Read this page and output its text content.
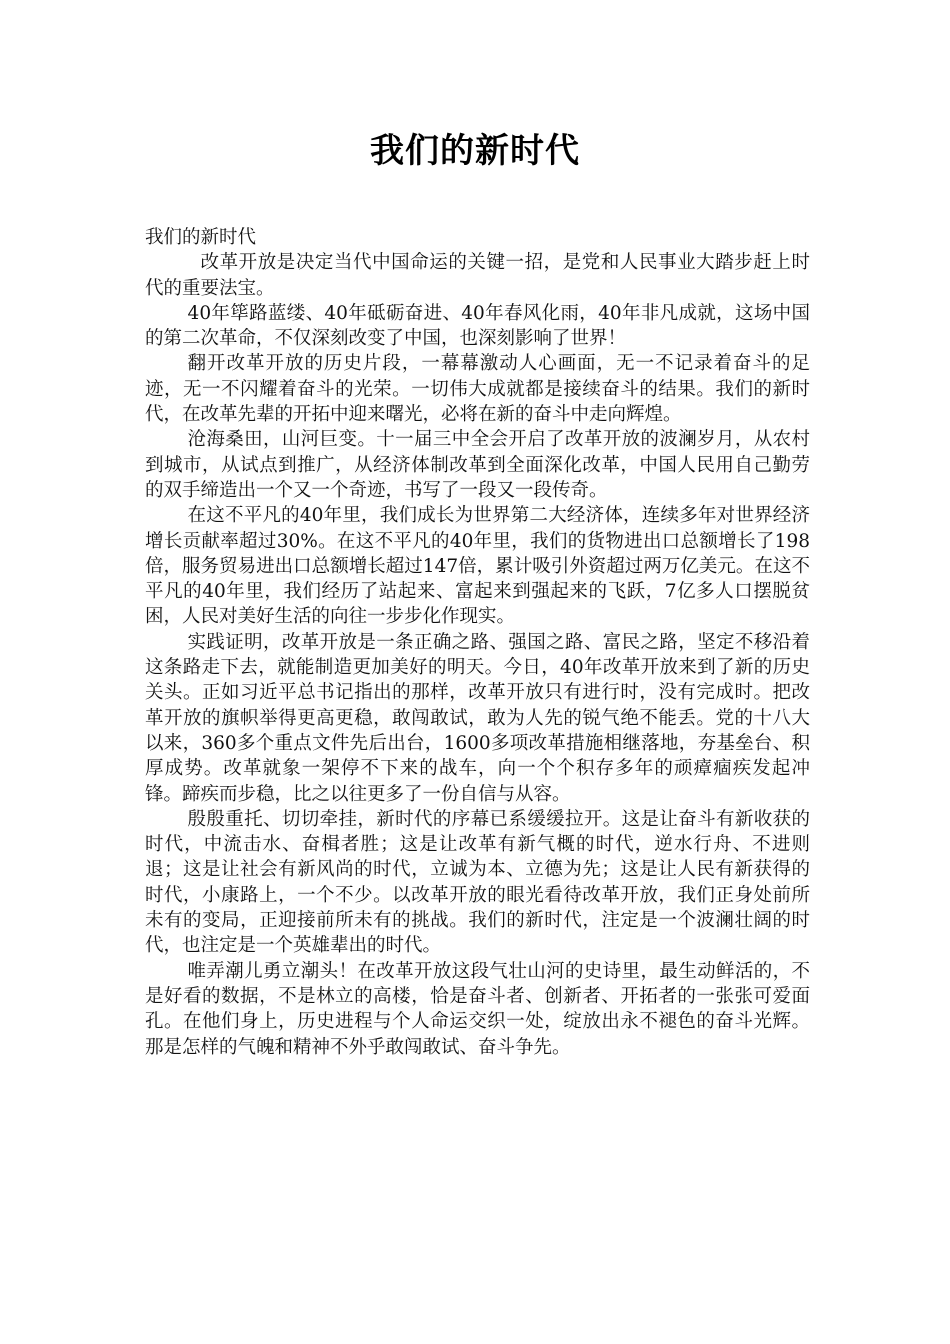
我们的新时代

我们的新时代

改革开放是决定当代中国命运的关键一招，是党和人民事业大踏步赶上时代的重要法宝。

40年筚路蓝缕、40年砥砺奋进、40年春风化雨，40年非凡成就，这场中国的第二次革命，不仅深刻改变了中国，也深刻影响了世界！

翻开改革开放的历史片段，一幕幕激动人心画面，无一不记录着奋斗的足迹，无一不闪耀着奋斗的光荣。一切伟大成就都是接续奋斗的结果。我们的新时代，在改革先辈的开拓中迎来曙光，必将在新的奋斗中走向辉煌。

沧海桑田，山河巨变。十一届三中全会开启了改革开放的波澜岁月，从农村到城市，从试点到推广，从经济体制改革到全面深化改革，中国人民用自己勤劳的双手缔造出一个又一个奇迹，书写了一段又一段传奇。

在这不平凡的40年里，我们成长为世界第二大经济体，连续多年对世界经济增长贡献率超过30%。在这不平凡的40年里，我们的货物进出口总额增长了198倍，服务贸易进出口总额增长超过147倍，累计吸引外资超过两万亿美元。在这不平凡的40年里，我们经历了站起来、富起来到强起来的飞跃，7亿多人口摆脱贫困，人民对美好生活的向往一步步化作现实。

实践证明，改革开放是一条正确之路、强国之路、富民之路，坚定不移沿着这条路走下去，就能制造更加美好的明天。今日，40年改革开放来到了新的历史关头。正如习近平总书记指出的那样，改革开放只有进行时，没有完成时。把改革开放的旗帜举得更高更稳，敢闯敢试，敢为人先的锐气绝不能丢。党的十八大以来，360多个重点文件先后出台，1600多项改革措施相继落地，夯基垒台、积厚成势。改革就象一架停不下来的战车，向一个个积存多年的顽瘴痼疾发起冲锋。蹄疾而步稳，比之以往更多了一份自信与从容。

殷殷重托、切切牵挂，新时代的序幕已系缓缓拉开。这是让奋斗有新收获的时代，中流击水、奋楫者胜；这是让改革有新气概的时代，逆水行舟、不进则退；这是让社会有新风尚的时代，立诚为本、立德为先；这是让人民有新获得的时代，小康路上，一个不少。以改革开放的眼光看待改革开放，我们正身处前所未有的变局，正迎接前所未有的挑战。我们的新时代，注定是一个波澜壮阔的时代，也注定是一个英雄辈出的时代。

唯弄潮儿勇立潮头！在改革开放这段气壮山河的史诗里，最生动鲜活的，不是好看的数据，不是林立的高楼，恰是奋斗者、创新者、开拓者的一张张可爱面孔。在他们身上，历史进程与个人命运交织一处，绽放出永不褪色的奋斗光辉。那是怎样的气魄和精神不外乎敢闯敢试、奋斗争先。
